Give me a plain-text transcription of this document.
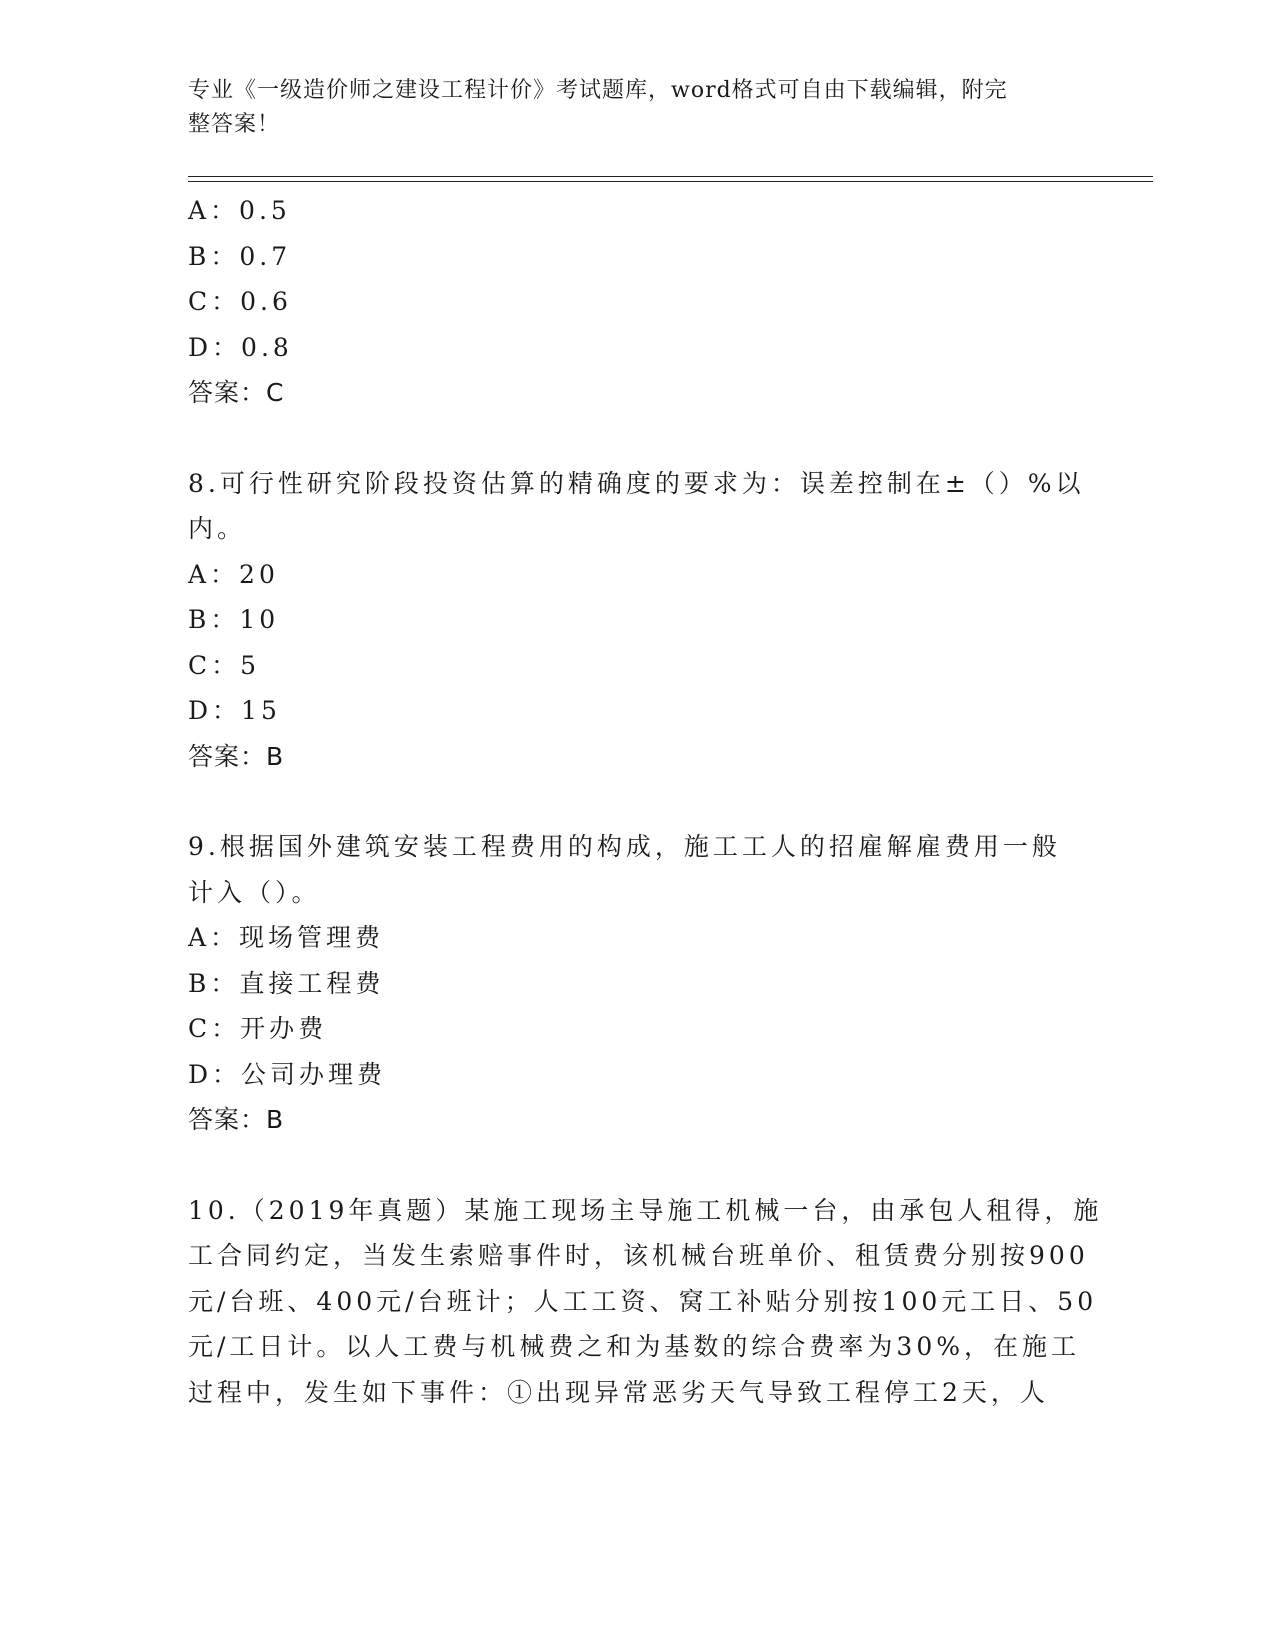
专业《一级造价师之建设工程计价》考试题库，word格式可自由下载编辑，附完
整答案！
A：0.5
B：0.7
C：0.6
D：0.8
答案：C
8.可行性研究阶段投资估算的精确度的要求为：误差控制在±（）%以
内。
A：20
B：10
C：5
D：15
答案：B
9.根据国外建筑安装工程费用的构成，施工工人的招雇解雇费用一般
计入（）。
A：现场管理费
B：直接工程费
C：开办费
D：公司办理费
答案：B
10.（2019年真题）某施工现场主导施工机械一台，由承包人租得，施
工合同约定，当发生索赔事件时，该机械台班单价、租赁费分别按900
元/台班、400元/台班计；人工工资、窝工补贴分别按100元工日、50
元/工日计。以人工费与机械费之和为基数的综合费率为30%，在施工
过程中，发生如下事件：①出现异常恶劣天气导致工程停工2天，人
